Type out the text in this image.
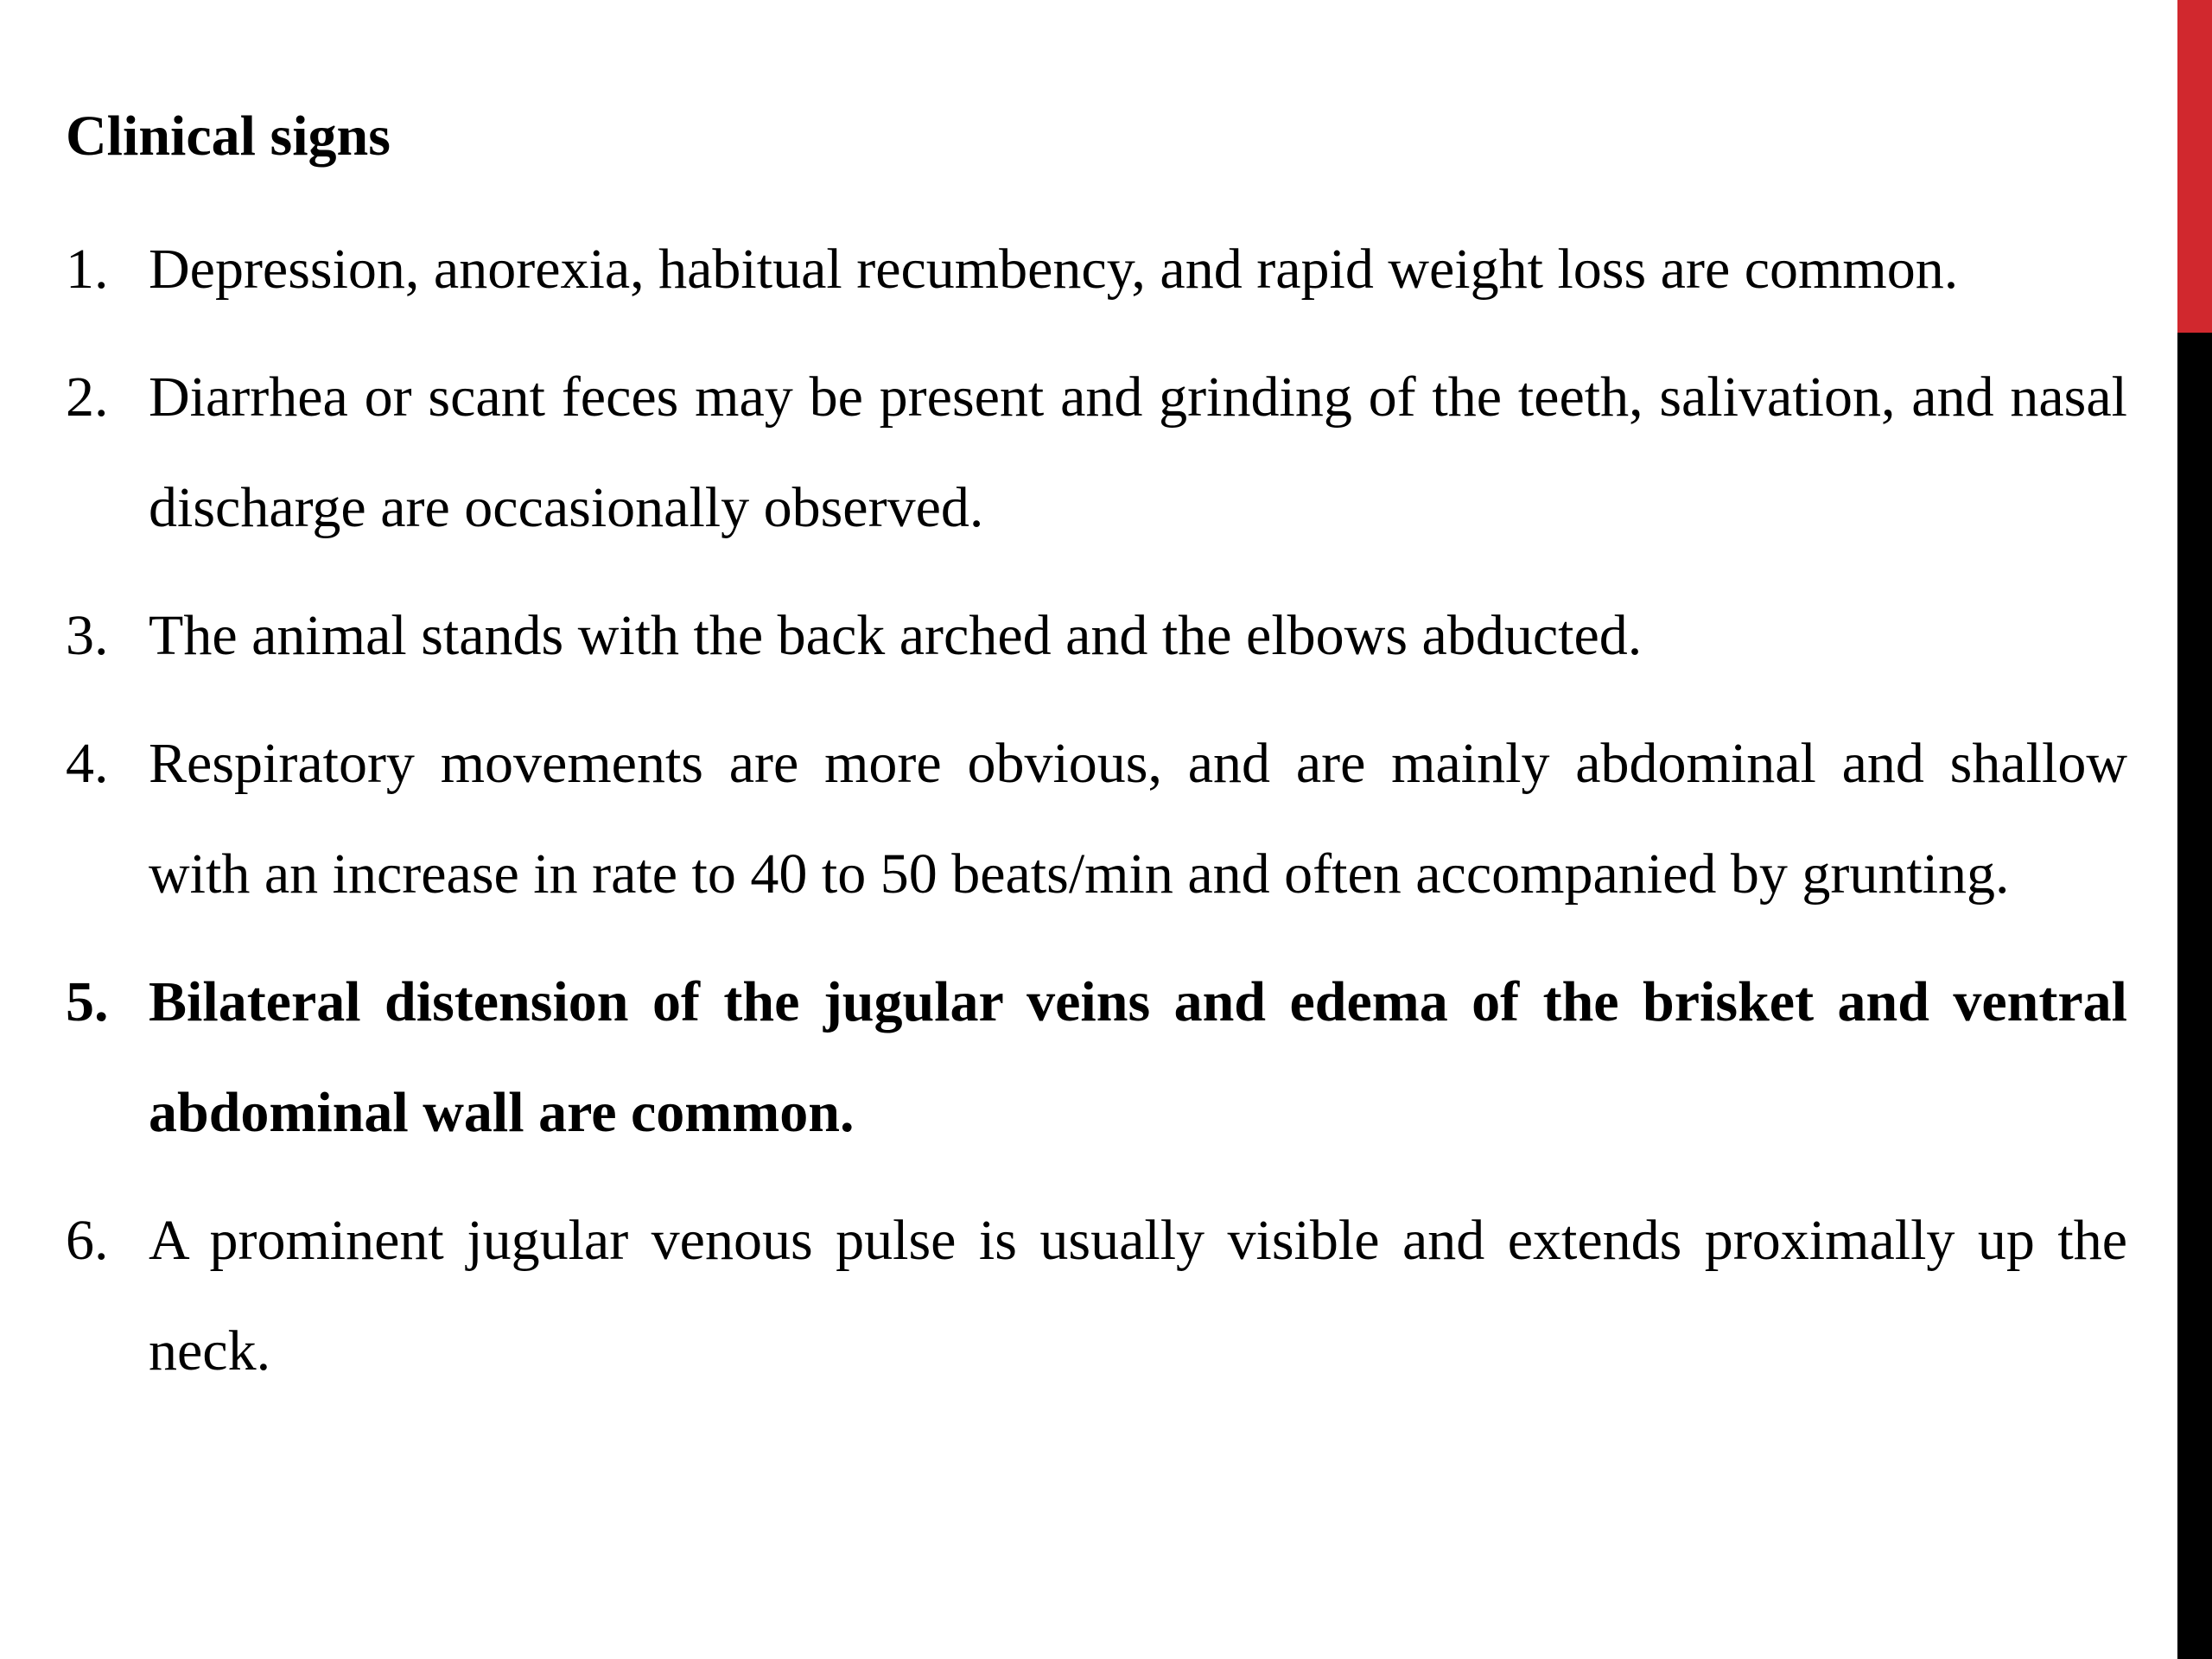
Clinical signs
1. Depression, anorexia, habitual recumbency, and rapid weight loss are common.
2. Diarrhea or scant feces may be present and grinding of the teeth, salivation, and nasal discharge are occasionally observed.
3. The animal stands with the back arched and the elbows abducted.
4. Respiratory movements are more obvious, and are mainly abdominal and shallow with an increase in rate to 40 to 50 beats/min and often accompanied by grunting.
5. Bilateral distension of the jugular veins and edema of the brisket and ventral abdominal wall are common.
6. A prominent jugular venous pulse is usually visible and extends proximally up the neck.
